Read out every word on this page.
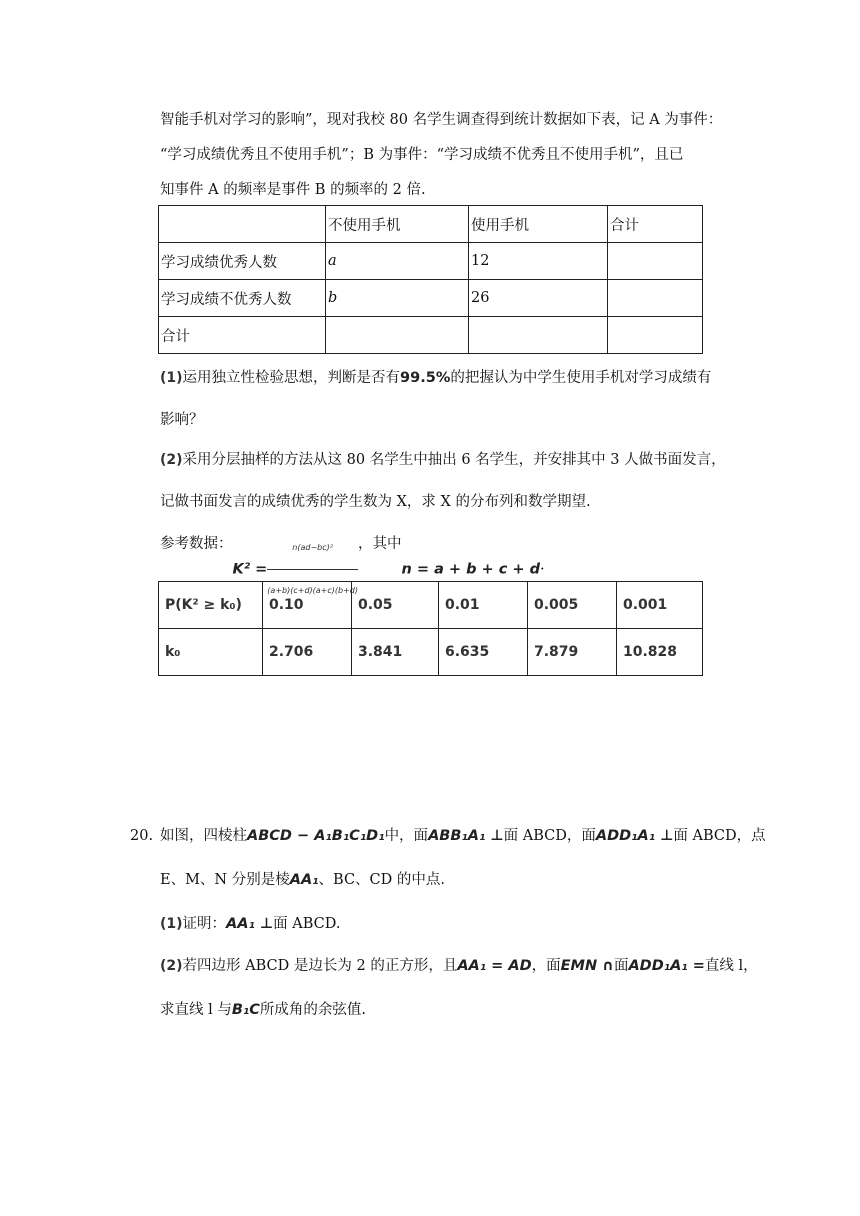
智能手机对学习的影响”，现对我校 80 名学生调查得到统计数据如下表，记 A 为事件：
“学习成绩优秀且不使用手机”；B 为事件：“学习成绩不优秀且不使用手机”，且已
知事件 A 的频率是事件 B 的频率的 2 倍.
	不使用手机	使用手机	合计
学习成绩优秀人数	a	12	
学习成绩不优秀人数	b	26	
合计			
(1)运用独立性检验思想，判断是否有99.5%的把握认为中学生使用手机对学习成绩有
影响？
(2)采用分层抽样的方法从这 80 名学生中抽出 6 名学生，并安排其中 3 人做书面发言，
记做书面发言的成绩优秀的学生数为 X，求 X 的分布列和数学期望.
参考数据：$K^2 = \frac{\text{n(ad−bc)²}}{(a+b)(c+d)(a+c)(b+d)}$ ，其中n = a + b + c + d·
P(K² ≥ k₀)	0.10	0.05	0.01	0.005	0.001
k₀	2.706	3.841	6.635	7.879	10.828
20. 如图，四棱柱ABCD − A₁B₁C₁D₁中，面ABB₁A₁ ⊥面 ABCD，面ADD₁A₁ ⊥面 ABCD，点
E、M、N 分别是棱AA₁、BC、CD 的中点.
(1)证明：AA₁ ⊥面 ABCD.
(2)若四边形 ABCD 是边长为 2 的正方形，且AA₁ = AD，面EMN ∩面ADD₁A₁ =直线 l，
求直线 l 与B₁C所成角的余弦值.
